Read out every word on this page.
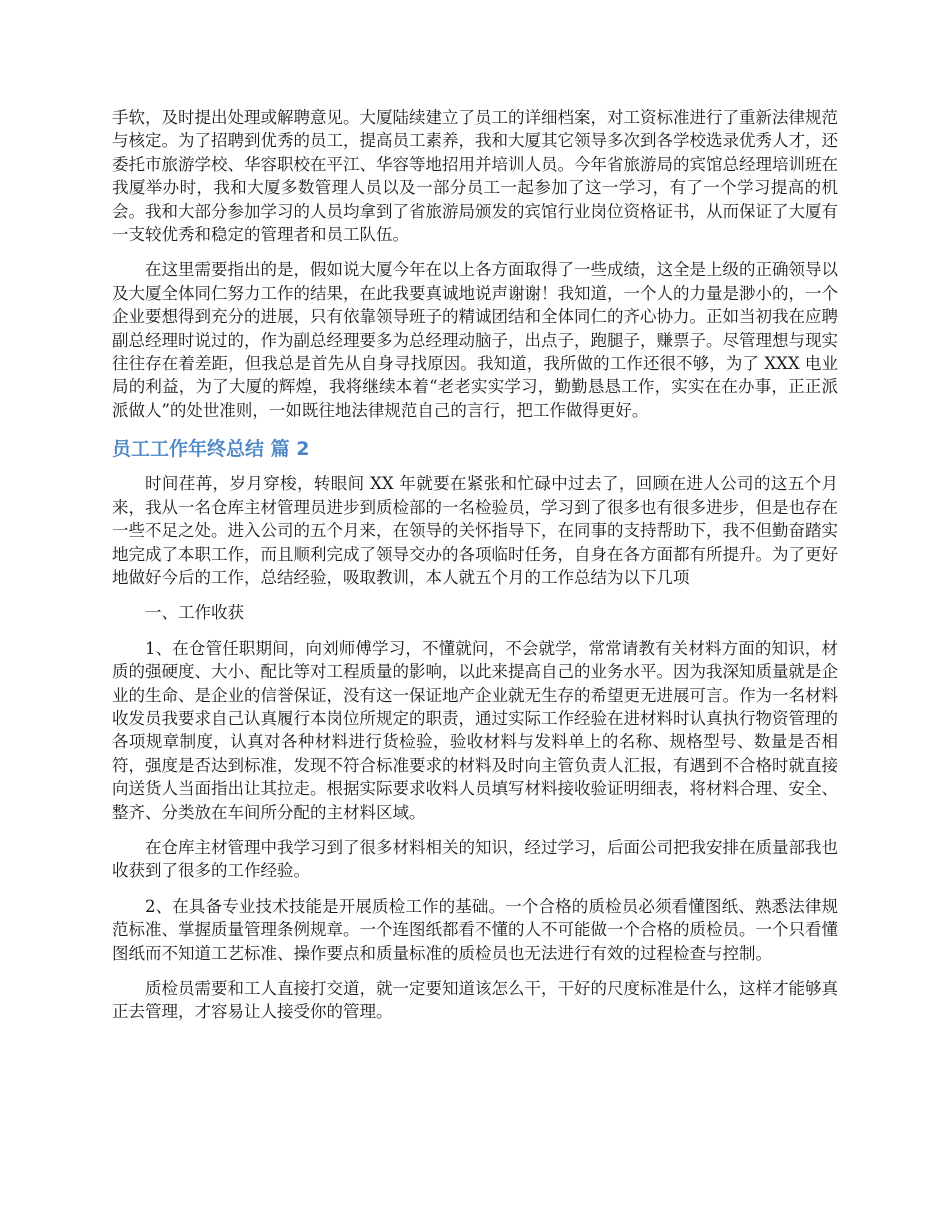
手软，及时提出处理或解聘意见。大厦陆续建立了员工的详细档案，对工资标准进行了重新法律规范与核定。为了招聘到优秀的员工，提高员工素养，我和大厦其它领导多次到各学校选录优秀人才，还委托市旅游学校、华容职校在平江、华容等地招用并培训人员。今年省旅游局的宾馆总经理培训班在我厦举办时，我和大厦多数管理人员以及一部分员工一起参加了这一学习，有了一个学习提高的机会。我和大部分参加学习的人员均拿到了省旅游局颁发的宾馆行业岗位资格证书，从而保证了大厦有一支较优秀和稳定的管理者和员工队伍。

在这里需要指出的是，假如说大厦今年在以上各方面取得了一些成绩，这全是上级的正确领导以及大厦全体同仁努力工作的结果，在此我要真诚地说声谢谢！我知道，一个人的力量是渺小的，一个企业要想得到充分的进展，只有依靠领导班子的精诚团结和全体同仁的齐心协力。正如当初我在应聘副总经理时说过的，作为副总经理要多为总经理动脑子，出点子，跑腿子，赚票子。尽管理想与现实往往存在着差距，但我总是首先从自身寻找原因。我知道，我所做的工作还很不够，为了 XXX 电业局的利益，为了大厦的辉煌，我将继续本着“老老实实学习，勤勤恳恳工作，实实在在办事，正正派派做人”的处世准则，一如既往地法律规范自己的言行，把工作做得更好。

员工工作年终总结 篇 2

时间荏苒，岁月穿梭，转眼间 XX 年就要在紧张和忙碌中过去了，回顾在进人公司的这五个月来，我从一名仓库主材管理员进步到质检部的一名检验员，学习到了很多也有很多进步，但是也存在一些不足之处。进入公司的五个月来，在领导的关怀指导下，在同事的支持帮助下，我不但勤奋踏实地完成了本职工作，而且顺利完成了领导交办的各项临时任务，自身在各方面都有所提升。为了更好地做好今后的工作，总结经验，吸取教训，本人就五个月的工作总结为以下几项

一、工作收获

1、在仓管任职期间，向刘师傅学习，不懂就问，不会就学，常常请教有关材料方面的知识，材质的强硬度、大小、配比等对工程质量的影响，以此来提高自己的业务水平。因为我深知质量就是企业的生命、是企业的信誉保证，没有这一保证地产企业就无生存的希望更无进展可言。作为一名材料收发员我要求自己认真履行本岗位所规定的职责，通过实际工作经验在进材料时认真执行物资管理的各项规章制度，认真对各种材料进行货检验，验收材料与发料单上的名称、规格型号、数量是否相符，强度是否达到标准，发现不符合标准要求的材料及时向主管负责人汇报，有遇到不合格时就直接向送货人当面指出让其拉走。根据实际要求收料人员填写材料接收验证明细表，将材料合理、安全、整齐、分类放在车间所分配的主材料区域。

在仓库主材管理中我学习到了很多材料相关的知识，经过学习，后面公司把我安排在质量部我也收获到了很多的工作经验。

2、在具备专业技术技能是开展质检工作的基础。一个合格的质检员必须看懂图纸、熟悉法律规范标准、掌握质量管理条例规章。一个连图纸都看不懂的人不可能做一个合格的质检员。一个只看懂图纸而不知道工艺标准、操作要点和质量标准的质检员也无法进行有效的过程检查与控制。

质检员需要和工人直接打交道，就一定要知道该怎么干，干好的尺度标准是什么，这样才能够真正去管理，才容易让人接受你的管理。
